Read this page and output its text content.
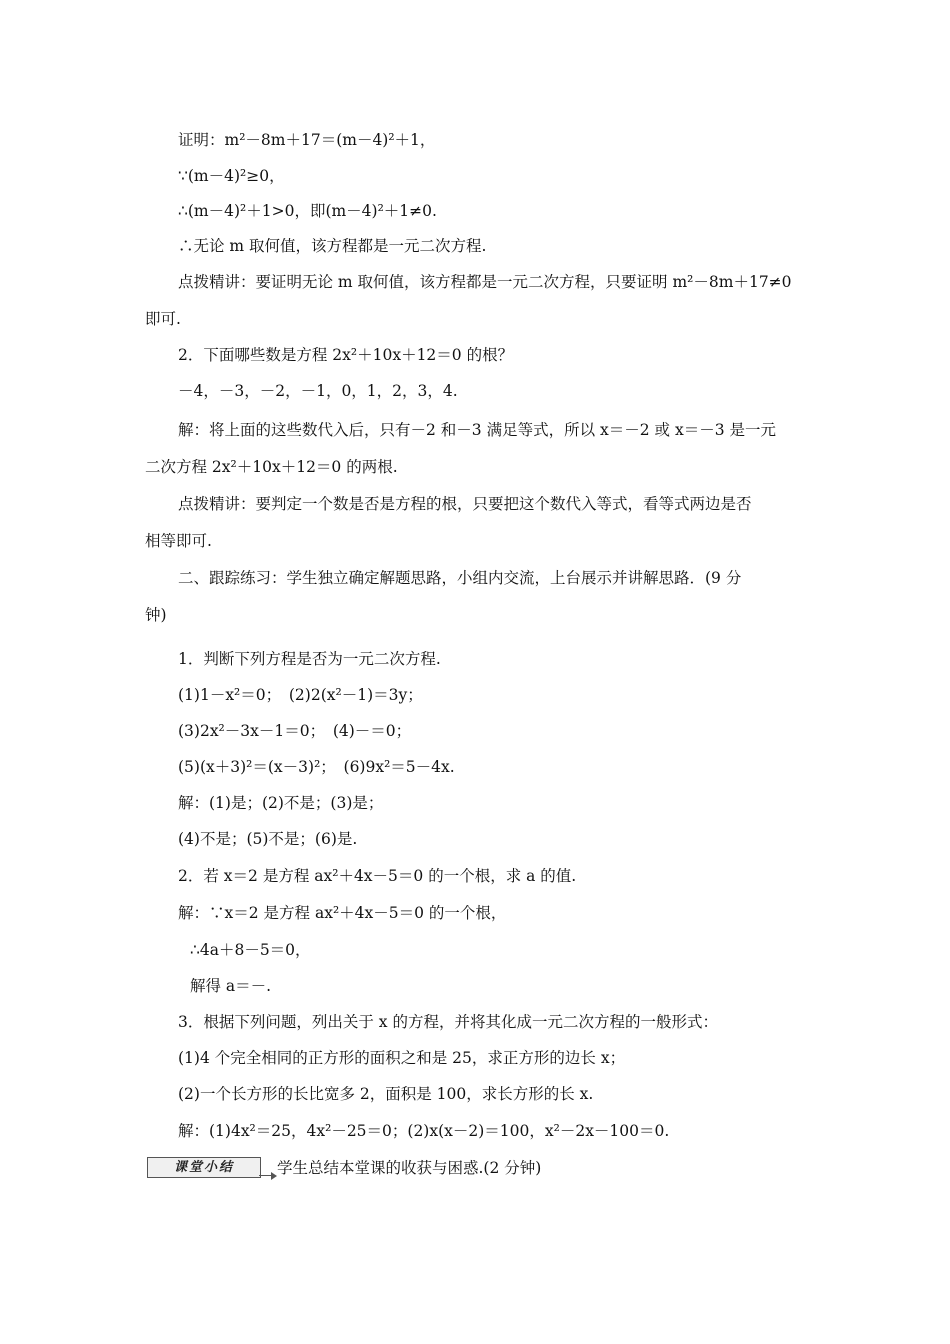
证明：m²－8m＋17＝(m－4)²＋1，
∵(m－4)²≥0，
∴(m－4)²＋1>0，即(m－4)²＋1≠0.
∴无论 m 取何值，该方程都是一元二次方程.
点拨精讲：要证明无论 m 取何值，该方程都是一元二次方程，只要证明 m²－8m＋17≠0
即可.
2．下面哪些数是方程 2x²＋10x＋12＝0 的根？
－4，－3，－2，－1，0，1，2，3，4.
解：将上面的这些数代入后，只有－2 和－3 满足等式，所以 x＝－2 或 x＝－3 是一元
二次方程 2x²＋10x＋12＝0 的两根.
点拨精讲：要判定一个数是否是方程的根，只要把这个数代入等式，看等式两边是否
相等即可.
二、跟踪练习：学生独立确定解题思路，小组内交流，上台展示并讲解思路．(9 分
钟)
1．判断下列方程是否为一元二次方程.
(1)1－x²＝0；　(2)2(x²－1)＝3y；
(3)2x²－3x－1＝0；　(4)－＝0；
(5)(x＋3)²＝(x－3)²；　(6)9x²＝5－4x.
解：(1)是；(2)不是；(3)是；
(4)不是；(5)不是；(6)是.
2．若 x＝2 是方程 ax²＋4x－5＝0 的一个根，求 a 的值.
解：∵x＝2 是方程 ax²＋4x－5＝0 的一个根，
∴4a＋8－5＝0，
解得 a＝－.
3．根据下列问题，列出关于 x 的方程，并将其化成一元二次方程的一般形式：
(1)4 个完全相同的正方形的面积之和是 25，求正方形的边长 x；
(2)一个长方形的长比宽多 2，面积是 100，求长方形的长 x.
解：(1)4x²＝25，4x²－25＝0；(2)x(x－2)＝100，x²－2x－100＝0.
课堂小结	学生总结本堂课的收获与困惑.(2 分钟)
